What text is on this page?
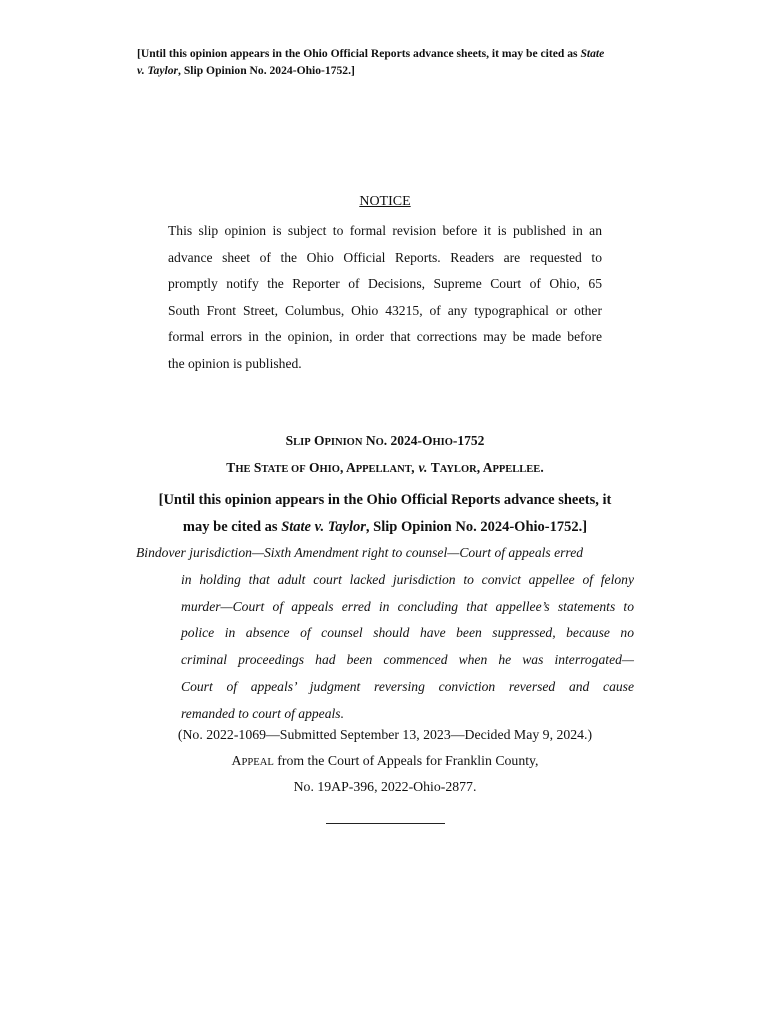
[Until this opinion appears in the Ohio Official Reports advance sheets, it may be cited as State
v. Taylor, Slip Opinion No. 2024-Ohio-1752.]
NOTICE
This slip opinion is subject to formal revision before it is published in an
advance sheet of the Ohio Official Reports. Readers are requested to
promptly notify the Reporter of Decisions, Supreme Court of Ohio, 65
South Front Street, Columbus, Ohio 43215, of any typographical or other
formal errors in the opinion, in order that corrections may be made before
the opinion is published.
SLIP OPINION NO. 2024-OHIO-1752
THE STATE OF OHIO, APPELLANT, v. TAYLOR, APPELLEE.
[Until this opinion appears in the Ohio Official Reports advance sheets, it
may be cited as State v. Taylor, Slip Opinion No. 2024-Ohio-1752.]
Bindover jurisdiction—Sixth Amendment right to counsel—Court of appeals erred
in holding that adult court lacked jurisdiction to convict appellee of felony
murder—Court of appeals erred in concluding that appellee’s statements to
police in absence of counsel should have been suppressed, because no
criminal proceedings had been commenced when he was interrogated—
Court of appeals’ judgment reversing conviction reversed and cause
remanded to court of appeals.
(No. 2022-1069—Submitted September 13, 2023—Decided May 9, 2024.)
APPEAL from the Court of Appeals for Franklin County,
No. 19AP-396, 2022-Ohio-2877.
